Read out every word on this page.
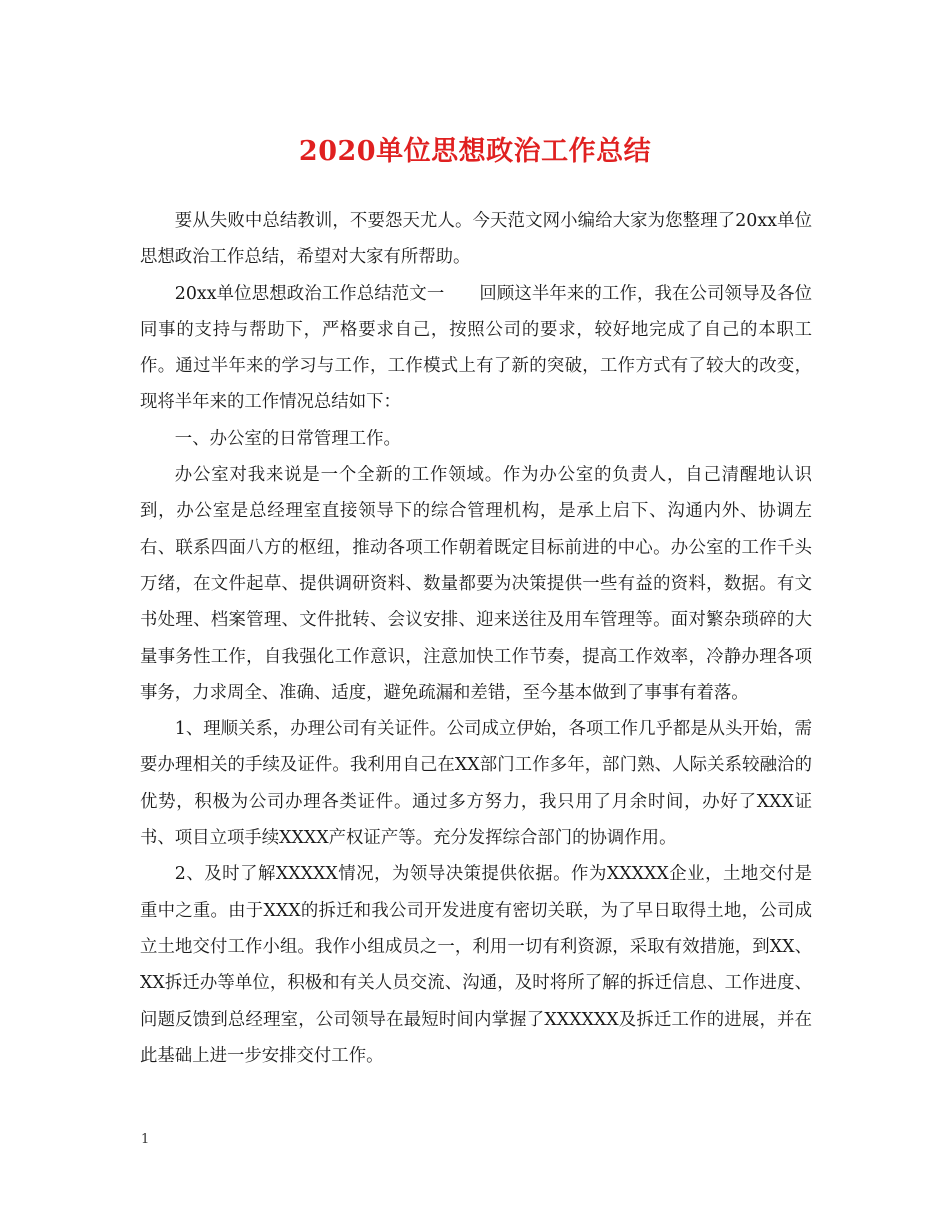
2020单位思想政治工作总结

要从失败中总结教训，不要怨天尤人。今天范文网小编给大家为您整理了20xx单位思想政治工作总结，希望对大家有所帮助。

20xx单位思想政治工作总结范文一　　回顾这半年来的工作，我在公司领导及各位同事的支持与帮助下，严格要求自己，按照公司的要求，较好地完成了自己的本职工作。通过半年来的学习与工作，工作模式上有了新的突破，工作方式有了较大的改变，现将半年来的工作情况总结如下：

一、办公室的日常管理工作。

办公室对我来说是一个全新的工作领域。作为办公室的负责人，自己清醒地认识到，办公室是总经理室直接领导下的综合管理机构，是承上启下、沟通内外、协调左右、联系四面八方的枢纽，推动各项工作朝着既定目标前进的中心。办公室的工作千头万绪，在文件起草、提供调研资料、数量都要为决策提供一些有益的资料，数据。有文书处理、档案管理、文件批转、会议安排、迎来送往及用车管理等。面对繁杂琐碎的大量事务性工作，自我强化工作意识，注意加快工作节奏，提高工作效率，冷静办理各项事务，力求周全、准确、适度，避免疏漏和差错，至今基本做到了事事有着落。

1、理顺关系，办理公司有关证件。公司成立伊始，各项工作几乎都是从头开始，需要办理相关的手续及证件。我利用自己在XX部门工作多年，部门熟、人际关系较融洽的优势，积极为公司办理各类证件。通过多方努力，我只用了月余时间，办好了XXX证书、项目立项手续XXXX产权证产等。充分发挥综合部门的协调作用。

2、及时了解XXXXX情况，为领导决策提供依据。作为XXXXX企业，土地交付是重中之重。由于XXX的拆迁和我公司开发进度有密切关联，为了早日取得土地，公司成立土地交付工作小组。我作小组成员之一，利用一切有利资源，采取有效措施，到XX、XX拆迁办等单位，积极和有关人员交流、沟通，及时将所了解的拆迁信息、工作进度、问题反馈到总经理室，公司领导在最短时间内掌握了XXXXXX及拆迁工作的进展，并在此基础上进一步安排交付工作。

1
